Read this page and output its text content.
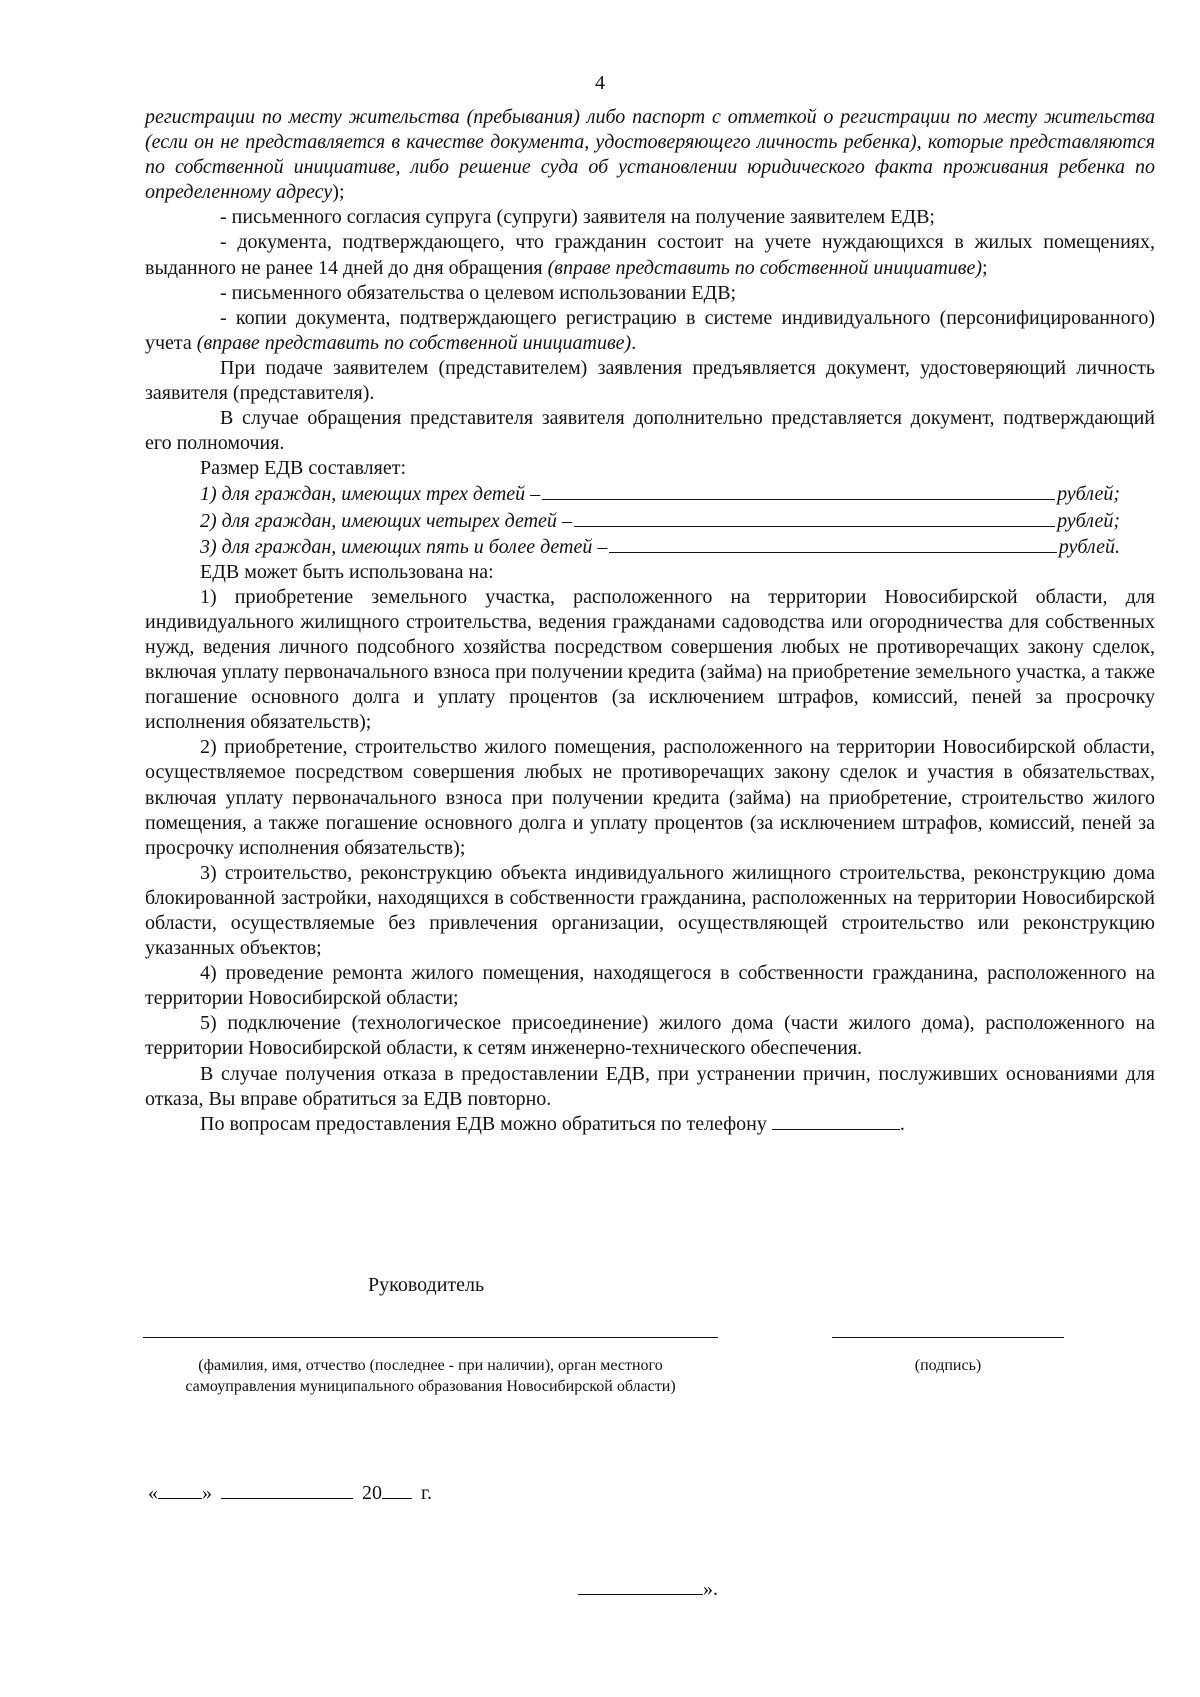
4

регистрации по месту жительства (пребывания) либо паспорт с отметкой о регистрации по месту жительства (если он не представляется в качестве документа, удостоверяющего личность ребенка), которые представляются по собственной инициативе, либо решение суда об установлении юридического факта проживания ребенка по определенному адресу);

- письменного согласия супруга (супруги) заявителя на получение заявителем ЕДВ;

- документа, подтверждающего, что гражданин состоит на учете нуждающихся в жилых помещениях, выданного не ранее 14 дней до дня обращения (вправе представить по собственной инициативе);

- письменного обязательства о целевом использовании ЕДВ;

- копии документа, подтверждающего регистрацию в системе индивидуального (персонифицированного) учета (вправе представить по собственной инициативе).

При подаче заявителем (представителем) заявления предъявляется документ, удостоверяющий личность заявителя (представителя).

В случае обращения представителя заявителя дополнительно представляется документ, подтверждающий его полномочия.

Размер ЕДВ составляет:

1) для граждан, имеющих трех детей –	рублей;
2) для граждан, имеющих четырех детей –	рублей;
3) для граждан, имеющих пять и более детей –	рублей.

ЕДВ может быть использована на:

1) приобретение земельного участка, расположенного на территории Новосибирской области, для индивидуального жилищного строительства, ведения гражданами садоводства или огородничества для собственных нужд, ведения личного подсобного хозяйства посредством совершения любых не противоречащих закону сделок, включая уплату первоначального взноса при получении кредита (займа) на приобретение земельного участка, а также погашение основного долга и уплату процентов (за исключением штрафов, комиссий, пеней за просрочку исполнения обязательств);

2) приобретение, строительство жилого помещения, расположенного на территории Новосибирской области, осуществляемое посредством совершения любых не противоречащих закону сделок и участия в обязательствах, включая уплату первоначального взноса при получении кредита (займа) на приобретение, строительство жилого помещения, а также погашение основного долга и уплату процентов (за исключением штрафов, комиссий, пеней за просрочку исполнения обязательств);

3) строительство, реконструкцию объекта индивидуального жилищного строительства, реконструкцию дома блокированной застройки, находящихся в собственности гражданина, расположенных на территории Новосибирской области, осуществляемые без привлечения организации, осуществляющей строительство или реконструкцию указанных объектов;

4) проведение ремонта жилого помещения, находящегося в собственности гражданина, расположенного на территории Новосибирской области;

5) подключение (технологическое присоединение) жилого дома (части жилого дома), расположенного на территории Новосибирской области, к сетям инженерно-технического обеспечения.

В случае получения отказа в предоставлении ЕДВ, при устранении причин, послуживших основаниями для отказа, Вы вправе обратиться за ЕДВ повторно.

По вопросам предоставления ЕДВ можно обратиться по телефону	.

Руководитель
(фамилия, имя, отчество (последнее - при наличии), орган местного самоуправления муниципального образования Новосибирской области)
(подпись)
« »	20 г.
».
